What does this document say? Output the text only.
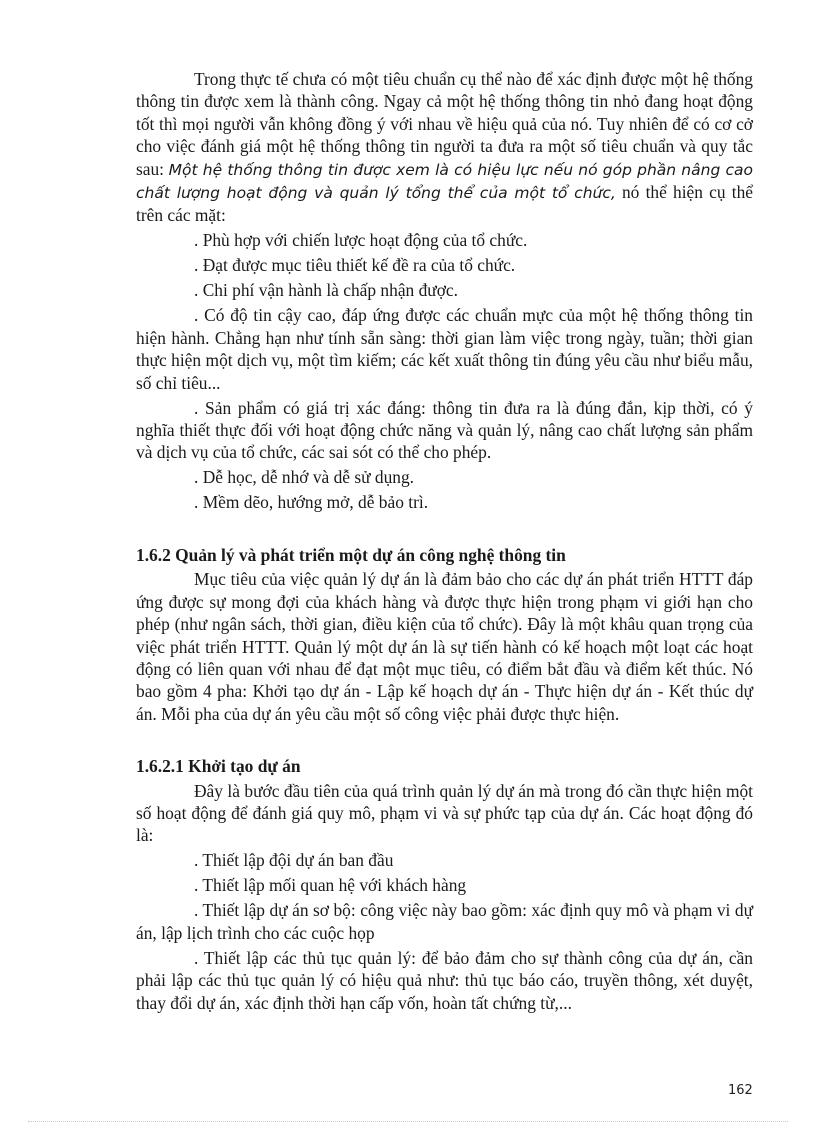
Trong thực tế chưa có một tiêu chuẩn cụ thể nào để xác định được một hệ thống thông tin được xem là thành công. Ngay cả một hệ thống thông tin nhỏ đang hoạt động tốt thì mọi người vẫn không đồng ý với nhau về hiệu quả của nó. Tuy nhiên để có cơ cở cho việc đánh giá một hệ thống thông tin người ta đưa ra một số tiêu chuẩn và quy tắc sau: Một hệ thống thông tin được xem là có hiệu lực nếu nó góp phần nâng cao chất lượng hoạt động và quản lý tổng thể của một tổ chức, nó thể hiện cụ thể trên các mặt:

. Phù hợp với chiến lược hoạt động của tổ chức.

. Đạt được mục tiêu thiết kế đề ra của tổ chức.

. Chi phí vận hành là chấp nhận được.

. Có độ tin cậy cao, đáp ứng được các chuẩn mực của một hệ thống thông tin hiện hành. Chẳng hạn như tính sẵn sàng: thời gian làm việc trong ngày, tuần; thời gian thực hiện một dịch vụ, một tìm kiếm; các kết xuất thông tin đúng yêu cầu như biểu mẫu, số chỉ tiêu...

. Sản phẩm có giá trị xác đáng: thông tin đưa ra là đúng đắn, kịp thời, có ý nghĩa thiết thực đối với hoạt động chức năng và quản lý, nâng cao chất lượng sản phẩm và dịch vụ của tổ chức, các sai sót có thể cho phép.

. Dễ học, dễ nhớ và dễ sử dụng.

. Mềm dẽo, hướng mở, dễ bảo trì.

1.6.2 Quản lý và phát triển một dự án công nghệ thông tin

Mục tiêu của việc quản lý dự án là đảm bảo cho các dự án phát triển HTTT đáp ứng được sự mong đợi của khách hàng và được thực hiện trong phạm vi giới hạn cho phép (như ngân sách, thời gian, điều kiện của tổ chức). Đây là một khâu quan trọng của việc phát triển HTTT. Quản lý một dự án là sự tiến hành có kế hoạch một loạt các hoạt động có liên quan với nhau để đạt một mục tiêu, có điểm bắt đầu và điểm kết thúc. Nó bao gồm 4 pha: Khởi tạo dự án - Lập kế hoạch dự án - Thực hiện dự án - Kết thúc dự án. Mỗi pha của dự án yêu cầu một số công việc phải được thực hiện.

1.6.2.1 Khởi tạo dự án

Đây là bước đầu tiên của quá trình quản lý dự án mà trong đó cần thực hiện một số hoạt động để đánh giá quy mô, phạm vi và sự phức tạp của dự án. Các hoạt động đó là:

. Thiết lập đội dự án ban đầu

. Thiết lập mối quan hệ với khách hàng

. Thiết lập dự án sơ bộ: công việc này bao gồm: xác định quy mô và phạm vi dự án, lập lịch trình cho các cuộc họp

. Thiết lập các thủ tục quản lý: để bảo đảm cho sự thành công của dự án, cần phải lập các thủ tục quản lý có hiệu quả như: thủ tục báo cáo, truyền thông, xét duyệt, thay đổi dự án, xác định thời hạn cấp vốn, hoàn tất chứng từ,...

162
